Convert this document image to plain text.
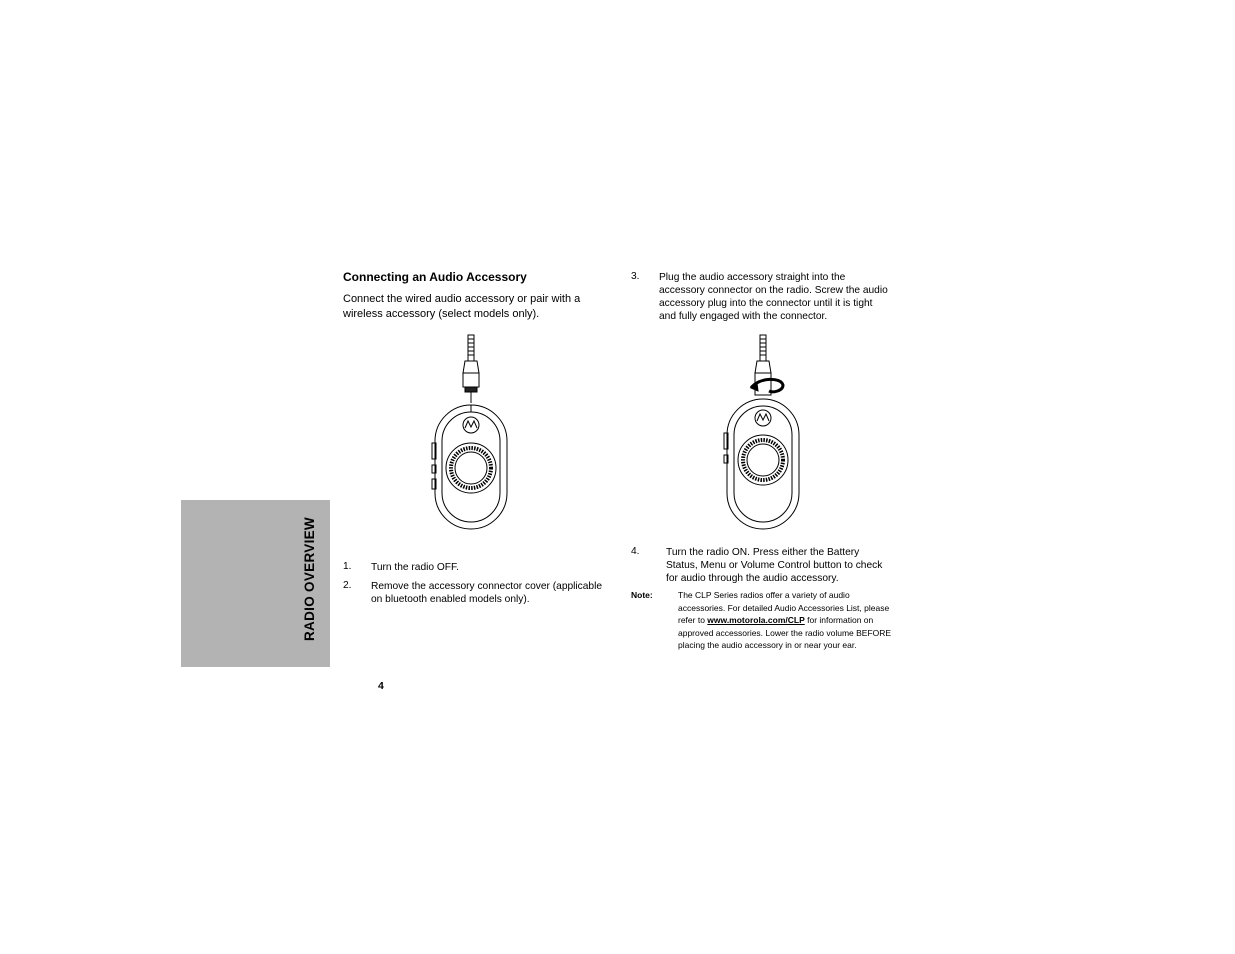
RADIO OVERVIEW
Connecting an Audio Accessory
Connect the wired audio accessory or pair with a wireless accessory (select models only).
1. Turn the radio OFF.
2. Remove the accessory connector cover (applicable on bluetooth enabled models only).
3. Plug the audio accessory straight into the accessory connector on the radio. Screw the audio accessory plug into the connector until it is tight and fully engaged with the connector.
4.	Turn the radio ON. Press either the Battery Status, Menu or Volume Control button to check for audio through the audio accessory.
Note:	The CLP Series radios offer a variety of audio accessories. For detailed Audio Accessories List, please refer to www.motorola.com/CLP for information on approved accessories. Lower the radio volume BEFORE placing the audio accessory in or near your ear.
4
